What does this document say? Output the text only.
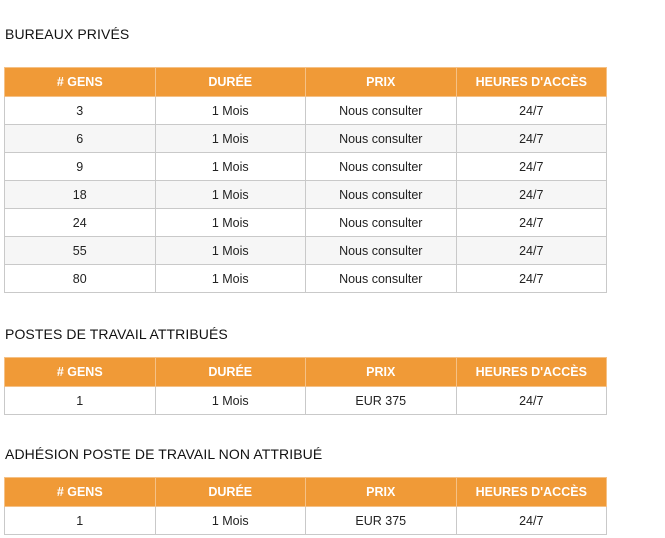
BUREAUX PRIVÉS
# GENS	DURÉE	PRIX	HEURES D'ACCÈS
3	1 Mois	Nous consulter	24/7
6	1 Mois	Nous consulter	24/7
9	1 Mois	Nous consulter	24/7
18	1 Mois	Nous consulter	24/7
24	1 Mois	Nous consulter	24/7
55	1 Mois	Nous consulter	24/7
80	1 Mois	Nous consulter	24/7
POSTES DE TRAVAIL ATTRIBUÉS
# GENS	DURÉE	PRIX	HEURES D'ACCÈS
1	1 Mois	EUR 375	24/7
ADHÉSION POSTE DE TRAVAIL NON ATTRIBUÉ
# GENS	DURÉE	PRIX	HEURES D'ACCÈS
1	1 Mois	EUR 375	24/7
